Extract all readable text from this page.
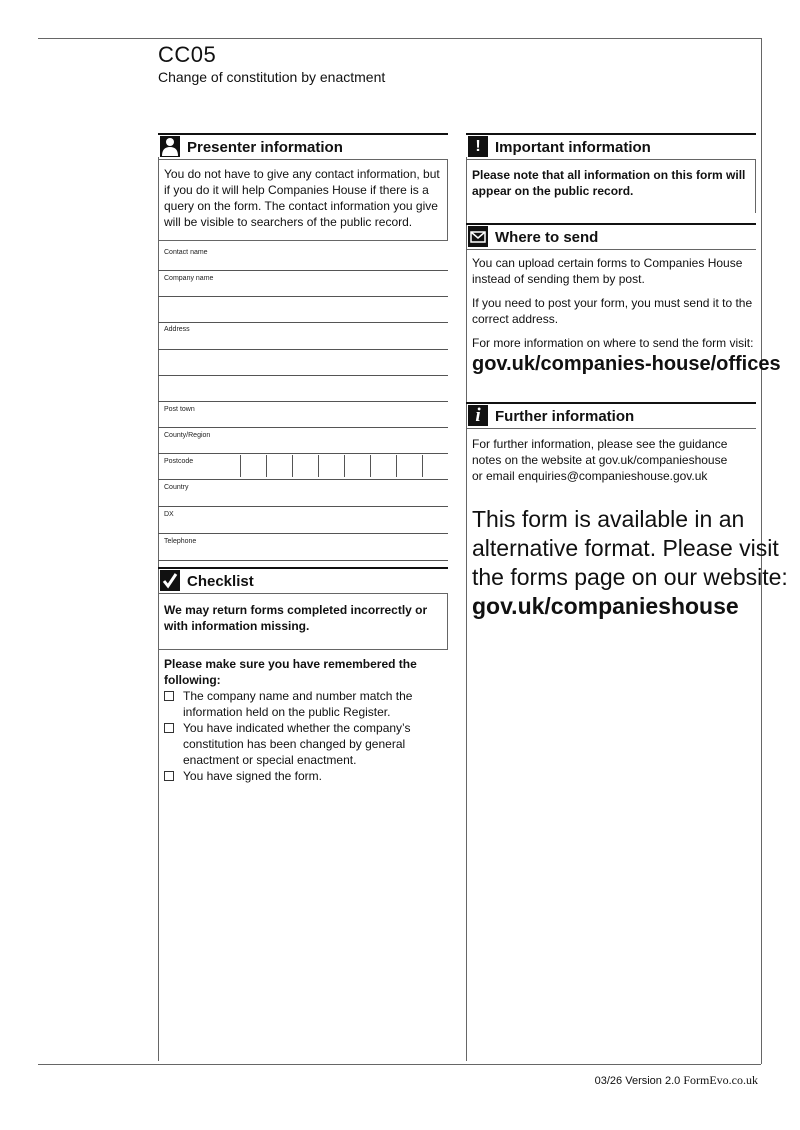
CC05
Change of constitution by enactment
Presenter information
You do not have to give any contact information, but if you do it will help Companies House if there is a query on the form. The contact information you give will be visible to searchers of the public record.
Contact name
Company name
Address
Post town
County/Region
Postcode
Country
DX
Telephone
Checklist
We may return forms completed incorrectly or with information missing.
Please make sure you have remembered the following:
The company name and number match the information held on the public Register.
You have indicated whether the company’s constitution has been changed by general enactment or special enactment.
You have signed the form.
! Important information
Please note that all information on this form will appear on the public record.
Where to send
You can upload certain forms to Companies House instead of sending them by post.
If you need to post your form, you must send it to the correct address.
For more information on where to send the form visit:
gov.uk/companies-house/offices
i Further information
For further information, please see the guidance
notes on the website at gov.uk/companieshouse
or email enquiries@companieshouse.gov.uk
This form is available in an
alternative format. Please visit
the forms page on our website:
gov.uk/companieshouse
03/26 Version 2.0 FormEvo.co.uk
